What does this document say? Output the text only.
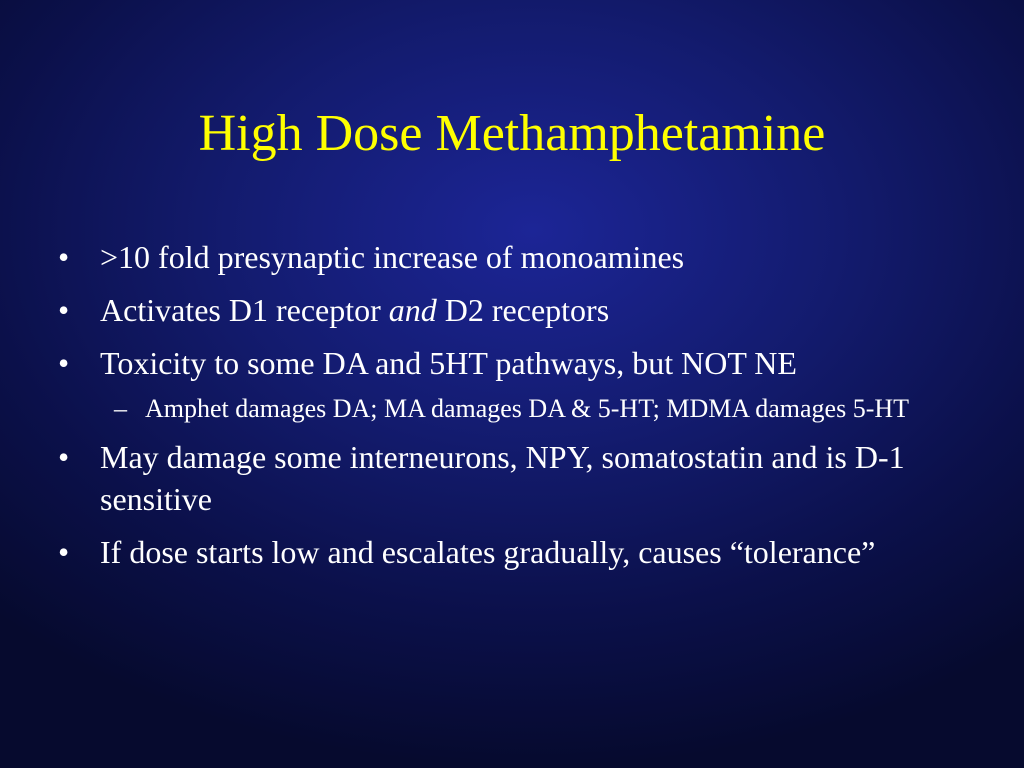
High Dose Methamphetamine
• >10 fold presynaptic increase of monoamines
• Activates D1 receptor and D2 receptors
• Toxicity to some DA and 5HT pathways, but NOT NE
– Amphet damages DA; MA damages DA & 5-HT; MDMA damages 5-HT
• May damage some interneurons, NPY, somatostatin and is D-1 sensitive
• If dose starts low and escalates gradually, causes “tolerance”
